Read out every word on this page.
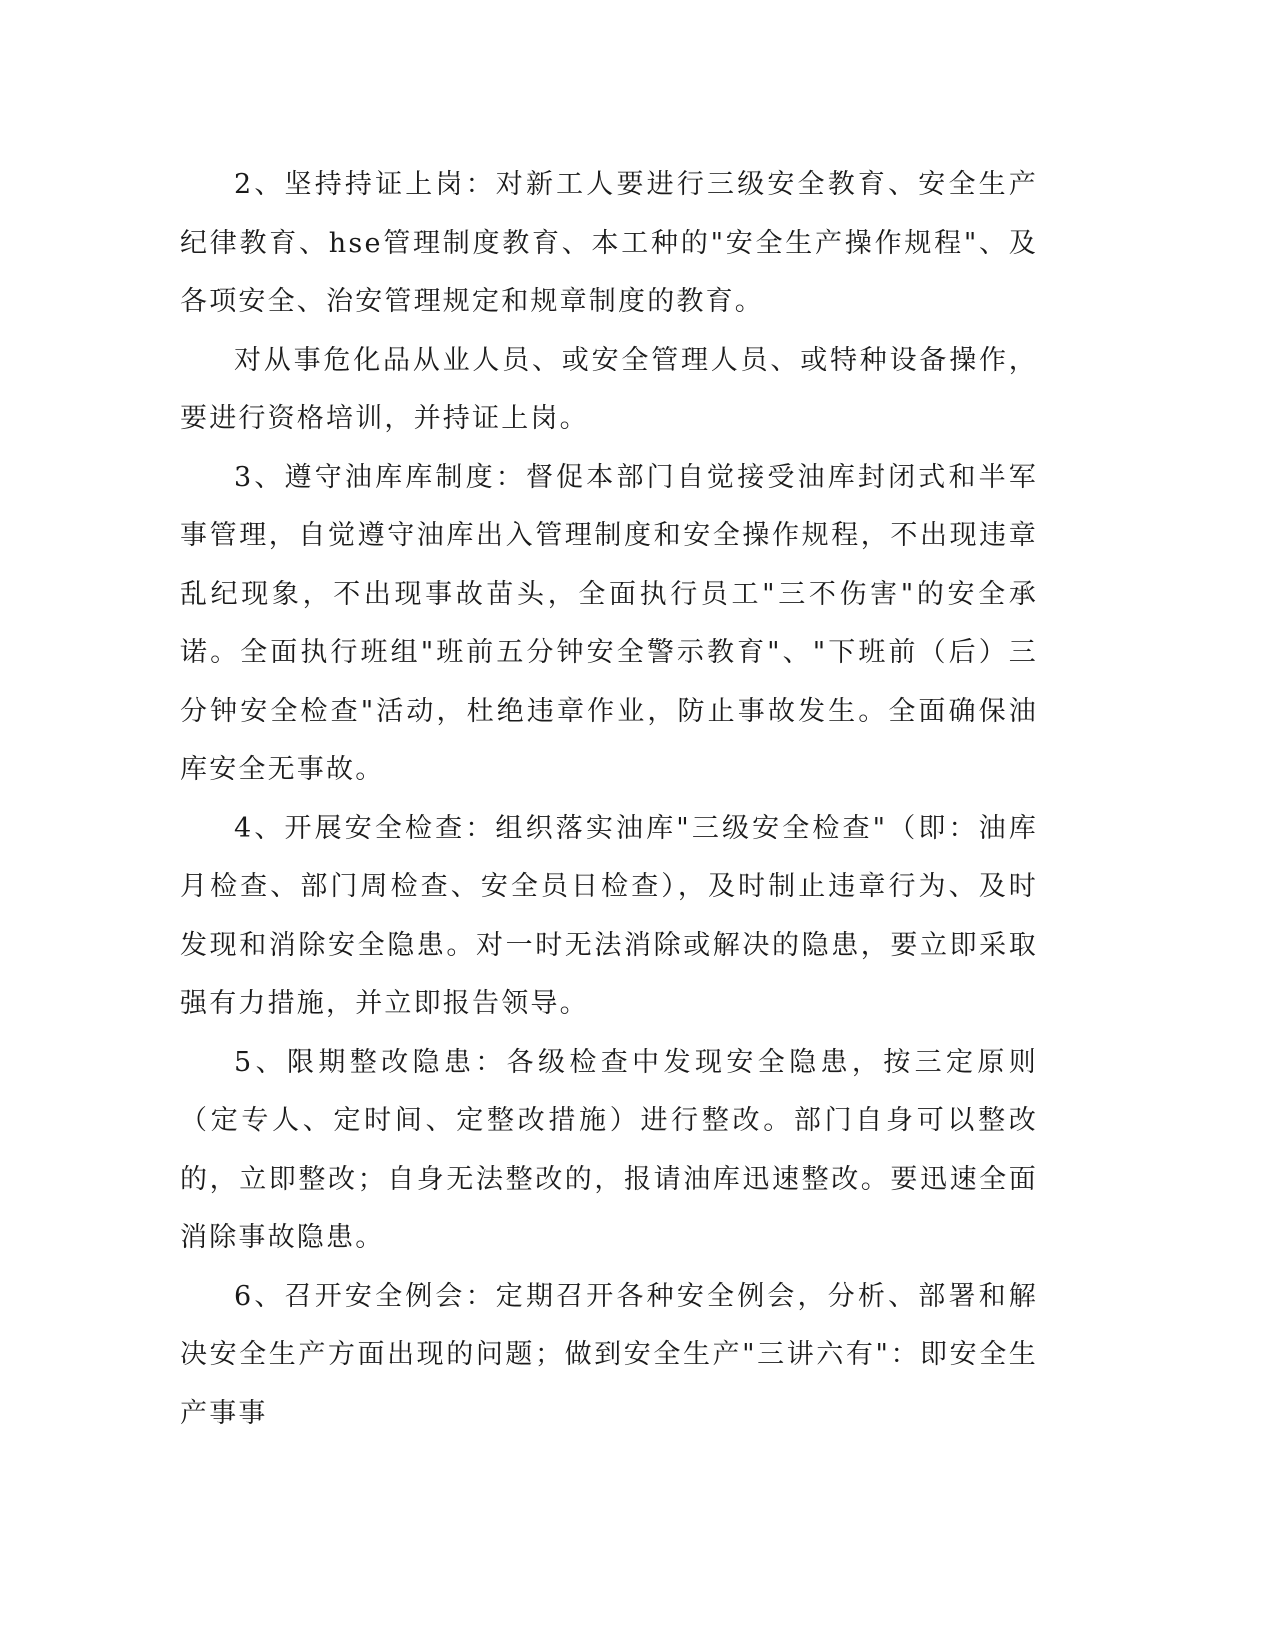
2、坚持持证上岗：对新工人要进行三级安全教育、安全生产纪律教育、hse管理制度教育、本工种的"安全生产操作规程"、及各项安全、治安管理规定和规章制度的教育。

对从事危化品从业人员、或安全管理人员、或特种设备操作，要进行资格培训，并持证上岗。

3、遵守油库库制度：督促本部门自觉接受油库封闭式和半军事管理，自觉遵守油库出入管理制度和安全操作规程，不出现违章乱纪现象，不出现事故苗头，全面执行员工"三不伤害"的安全承诺。全面执行班组"班前五分钟安全警示教育"、"下班前（后）三分钟安全检查"活动，杜绝违章作业，防止事故发生。全面确保油库安全无事故。

4、开展安全检查：组织落实油库"三级安全检查"（即：油库月检查、部门周检查、安全员日检查），及时制止违章行为、及时发现和消除安全隐患。对一时无法消除或解决的隐患，要立即采取强有力措施，并立即报告领导。

5、限期整改隐患：各级检查中发现安全隐患，按三定原则（定专人、定时间、定整改措施）进行整改。部门自身可以整改的，立即整改；自身无法整改的，报请油库迅速整改。要迅速全面消除事故隐患。

6、召开安全例会：定期召开各种安全例会，分析、部署和解决安全生产方面出现的问题；做到安全生产"三讲六有"：即安全生产事事
